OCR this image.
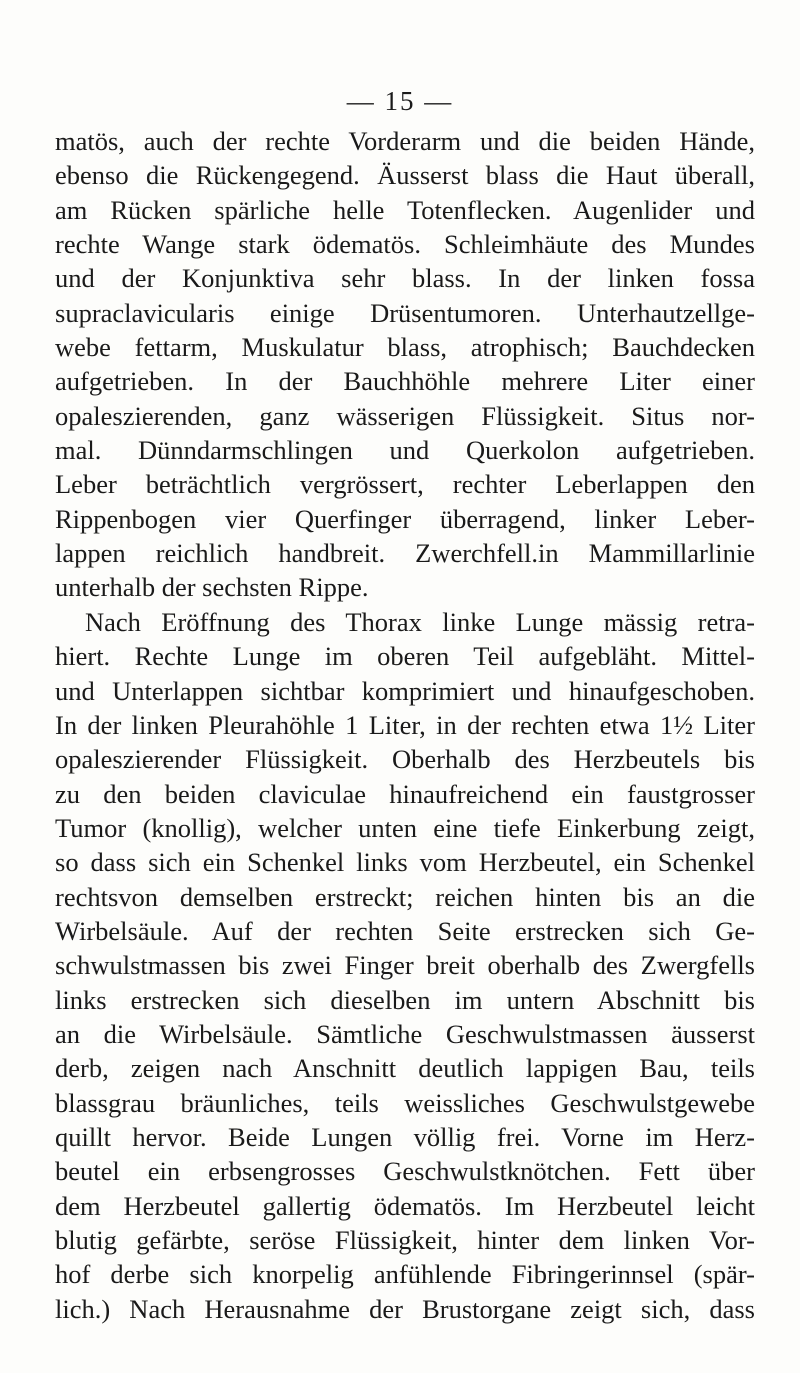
— 15 —
matös, auch der rechte Vorderarm und die beiden Hände,
ebenso die Rückengegend. Äusserst blass die Haut überall,
am Rücken spärliche helle Totenflecken. Augenlider und
rechte Wange stark ödematös. Schleimhäute des Mundes
und der Konjunktiva sehr blass. In der linken fossa
supraclavicularis einige Drüsentumoren. Unterhautzellge-
webe fettarm, Muskulatur blass, atrophisch; Bauchdecken
aufgetrieben. In der Bauchhöhle mehrere Liter einer
opaleszierenden, ganz wässerigen Flüssigkeit. Situs nor-
mal. Dünndarmschlingen und Querkolon aufgetrieben.
Leber beträchtlich vergrössert, rechter Leberlappen den
Rippenbogen vier Querfinger überragend, linker Leber-
lappen reichlich handbreit. Zwerchfell.in Mammillarlinie
unterhalb der sechsten Rippe.
Nach Eröffnung des Thorax linke Lunge mässig retra-
hiert. Rechte Lunge im oberen Teil aufgebläht. Mittel-
und Unterlappen sichtbar komprimiert und hinaufgeschoben.
In der linken Pleurahöhle 1 Liter, in der rechten etwa 1½ Liter
opaleszierender Flüssigkeit. Oberhalb des Herzbeutels bis
zu den beiden claviculae hinaufreichend ein faustgrosser
Tumor (knollig), welcher unten eine tiefe Einkerbung zeigt,
so dass sich ein Schenkel links vom Herzbeutel, ein Schenkel
rechtsvon demselben erstreckt; reichen hinten bis an die
Wirbelsäule. Auf der rechten Seite erstrecken sich Ge-
schwulstmassen bis zwei Finger breit oberhalb des Zwergfells
links erstrecken sich dieselben im untern Abschnitt bis
an die Wirbelsäule. Sämtliche Geschwulstmassen äusserst
derb, zeigen nach Anschnitt deutlich lappigen Bau, teils
blassgrau bräunliches, teils weissliches Geschwulstgewebe
quillt hervor. Beide Lungen völlig frei. Vorne im Herz-
beutel ein erbsengrosses Geschwulstknötchen. Fett über
dem Herzbeutel gallertig ödematös. Im Herzbeutel leicht
blutig gefärbte, seröse Flüssigkeit, hinter dem linken Vor-
hof derbe sich knorpelig anfühlende Fibringerinnsel (spär-
lich.) Nach Herausnahme der Brustorgane zeigt sich, dass
